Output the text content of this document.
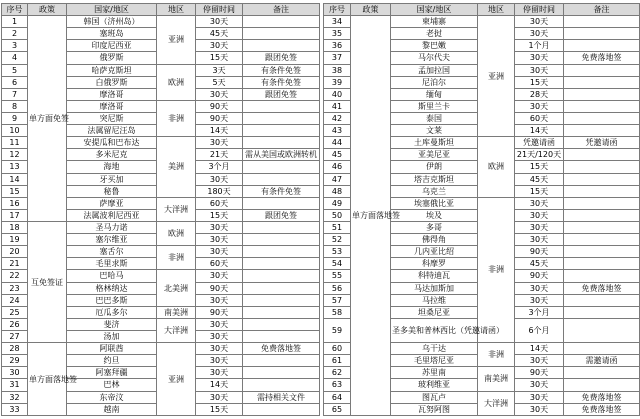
序号	政策	国家/地区	地区	停留时间	备注
1	单方面免签	韩国（济州岛）	亚洲	30天	
2		塞班岛		45天	
3		印度尼西亚		30天	
4		俄罗斯		15天	跟团免签
5		哈萨克斯坦	欧洲	3天	有条件免签
6		白俄罗斯		5天	有条件免签
7		摩洛哥		30天	跟团免签
8		摩洛哥	非洲	90天	
9		突尼斯		90天	
10		法属留尼汪岛		14天	
11		安提瓜和巴布达	美洲	30天	
12		多米尼克		21天	需从美国或欧洲转机
13		海地		3个月	
14		牙买加		30天	
15		秘鲁		180天	有条件免签
16		萨摩亚	大洋洲	60天	
17		法属波利尼西亚		15天	跟团免签
18	互免签证	圣马力诺	欧洲	30天	
19		塞尔维亚		30天	
20		塞舌尔	非洲	30天	
21		毛里求斯		60天	
22		巴哈马	北美洲	30天	
23		格林纳达		90天	
24		巴巴多斯		30天	
25		厄瓜多尔	南美洲	90天	
26		斐济	大洋洲	30天	
27		汤加		30天	
28	单方面落地签	阿联酋	亚洲	30天	免费落地签
29		约旦		30天	
30		阿塞拜疆		30天	
31		巴林		14天	
32		东帝汶		30天	需持相关文件
33		越南		15天	
序号	政策	国家/地区	地区	停留时间	备注
34	单方面落地签	柬埔寨	亚洲	30天	
35		老挝		30天	
36		黎巴嫩		1个月	
37		马尔代夫		30天	免费落地签
38		孟加拉国		30天	
39		尼泊尔		15天	
40		缅甸		28天	
41		斯里兰卡		30天	
42		泰国		60天	
43		文莱		14天	
44		土库曼斯坦	欧洲	凭邀请函	凭邀请函
45		亚美尼亚		21天/120天	
46		伊朗		15天	
47		塔吉克斯坦		45天	
48		乌克兰		15天	
49		埃塞俄比亚	非洲	30天	
50		埃及		30天	
51		多哥		30天	
52		佛得角		30天	
53		几内亚比绍		90天	
54		科摩罗		45天	
55		科特迪瓦		90天	
56		马达加斯加		30天	免费落地签
57		马拉维		30天	
58		坦桑尼亚		3个月	
59		圣多美和普林西比（凭邀请函）		6个月	
60		乌干达	非洲	14天	
61		毛里塔尼亚		30天	需邀请函
62		苏里南	南美洲	90天	
63		玻利维亚		30天	
64		图瓦卢	大洋洲	30天	免费落地签
65		瓦努阿图		30天	免费落地签
